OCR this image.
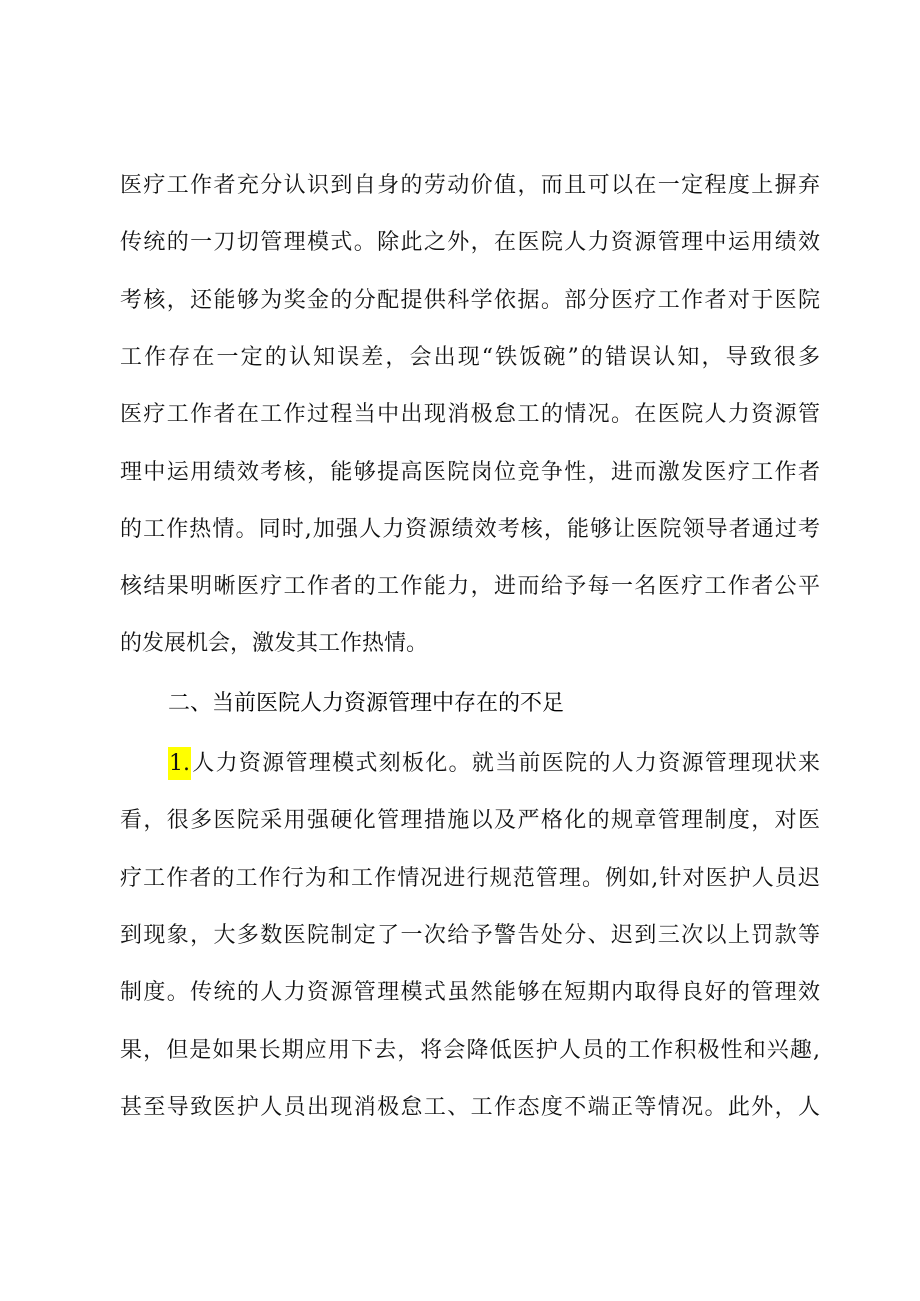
医疗工作者充分认识到自身的劳动价值，而且可以在一定程度上摒弃
传统的一刀切管理模式。除此之外，在医院人力资源管理中运用绩效
考核，还能够为奖金的分配提供科学依据。部分医疗工作者对于医院
工作存在一定的认知误差，会出现“铁饭碗”的错误认知，导致很多
医疗工作者在工作过程当中出现消极怠工的情况。在医院人力资源管
理中运用绩效考核，能够提高医院岗位竞争性，进而激发医疗工作者
的工作热情。同时,加强人力资源绩效考核，能够让医院领导者通过考
核结果明晰医疗工作者的工作能力，进而给予每一名医疗工作者公平
的发展机会，激发其工作热情。
二、当前医院人力资源管理中存在的不足
1.人力资源管理模式刻板化。就当前医院的人力资源管理现状来
看，很多医院采用强硬化管理措施以及严格化的规章管理制度，对医
疗工作者的工作行为和工作情况进行规范管理。例如,针对医护人员迟
到现象，大多数医院制定了一次给予警告处分、迟到三次以上罚款等
制度。传统的人力资源管理模式虽然能够在短期内取得良好的管理效
果，但是如果长期应用下去，将会降低医护人员的工作积极性和兴趣,
甚至导致医护人员出现消极怠工、工作态度不端正等情况。此外，人
